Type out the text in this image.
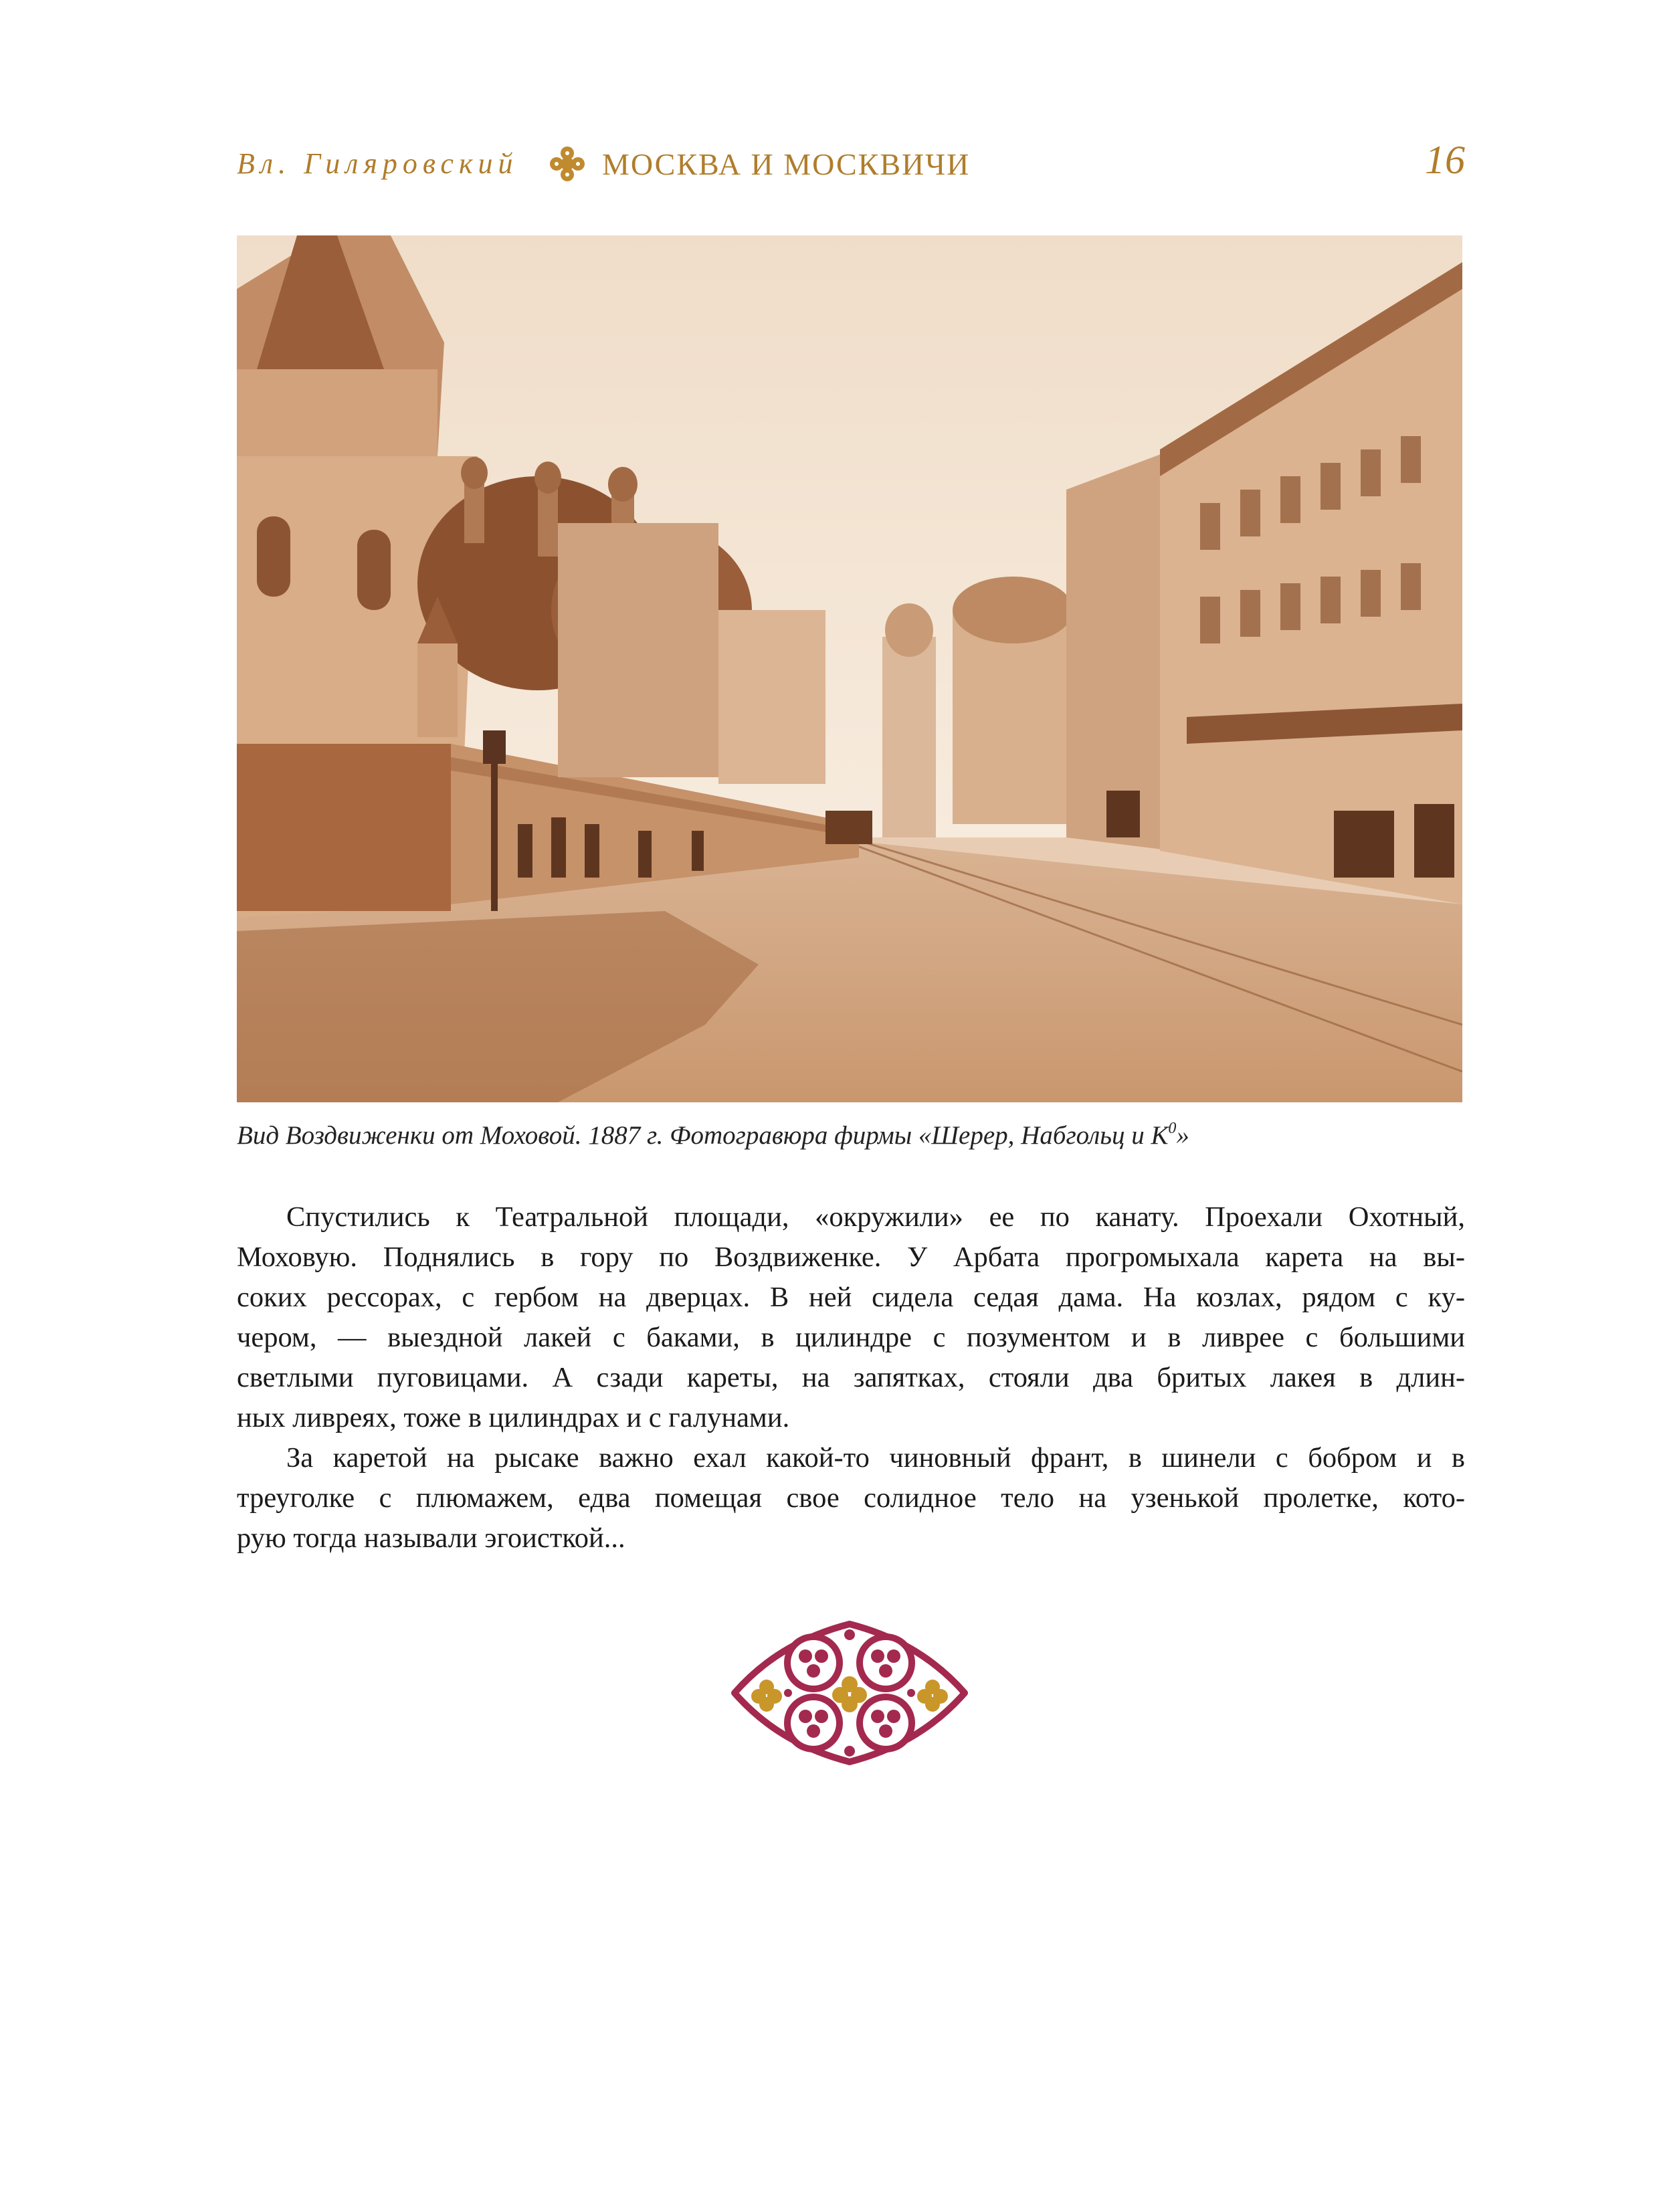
Вл. Гиляровский	МОСКВА И МОСКВИЧИ	16
Вид Воздвиженки от Моховой. 1887 г. Фотогравюра фирмы «Шерер, Набгольц и $К^0$»

Спустились к Театральной площади, «окружили» ее по канату. Проехали Охотный,
Моховую. Поднялись в гору по Воздвиженке. У Арбата прогромыхала карета на вы-
соких рессорах, с гербом на дверцах. В ней сидела седая дама. На козлах, рядом с ку-
чером, — выездной лакей с баками, в цилиндре с позументом и в ливрее с большими
светлыми пуговицами. А сзади кареты, на запятках, стояли два бритых лакея в длин-
ных ливреях, тоже в цилиндрах и с галунами.

За каретой на рысаке важно ехал какой-то чиновный франт, в шинели с бобром и в
треуголке с плюмажем, едва помещая свое солидное тело на узенькой пролетке, кото-
рую тогда называли эгоисткой...
